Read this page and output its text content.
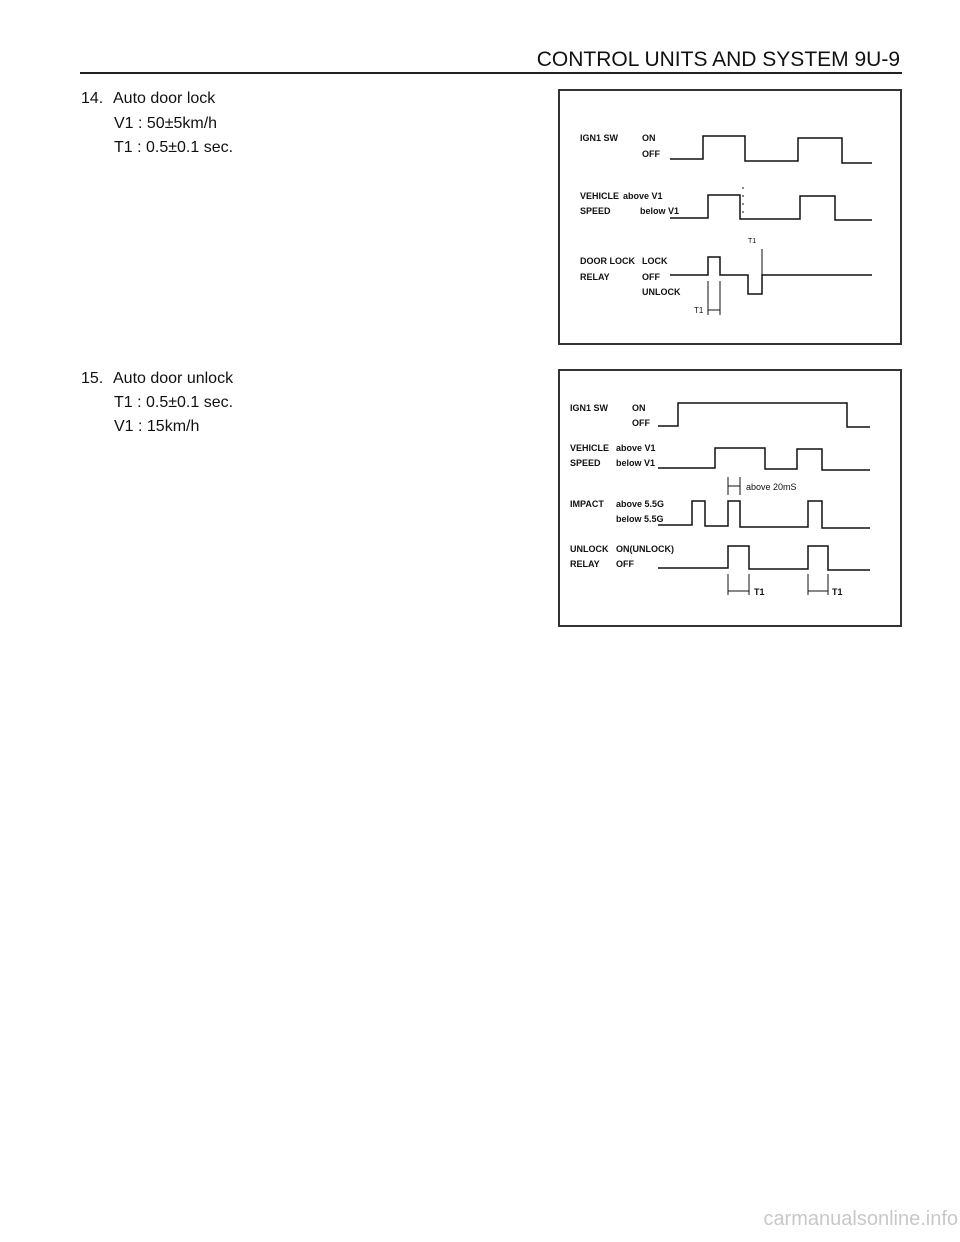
CONTROL UNITS AND SYSTEM 9U-9
14. Auto door lock
V1 : 50±5km/h
T1 : 0.5±0.1 sec.
IGN1 SW	ON
OFF
VEHICLE
SPEED
above V1
below V1
DOOR LOCK
RELAY
LOCK
OFF
UNLOCK
T1
T1
15. Auto door unlock
T1 : 0.5±0.1 sec.
V1 : 15km/h
IGN1 SW	ON
OFF
VEHICLE
SPEED
above V1
below V1
above 20mS
IMPACT above 5.5G
below 5.5G
UNLOCK
RELAY
ON(UNLOCK)
OFF
T1	T1
carmanualsonline.info
